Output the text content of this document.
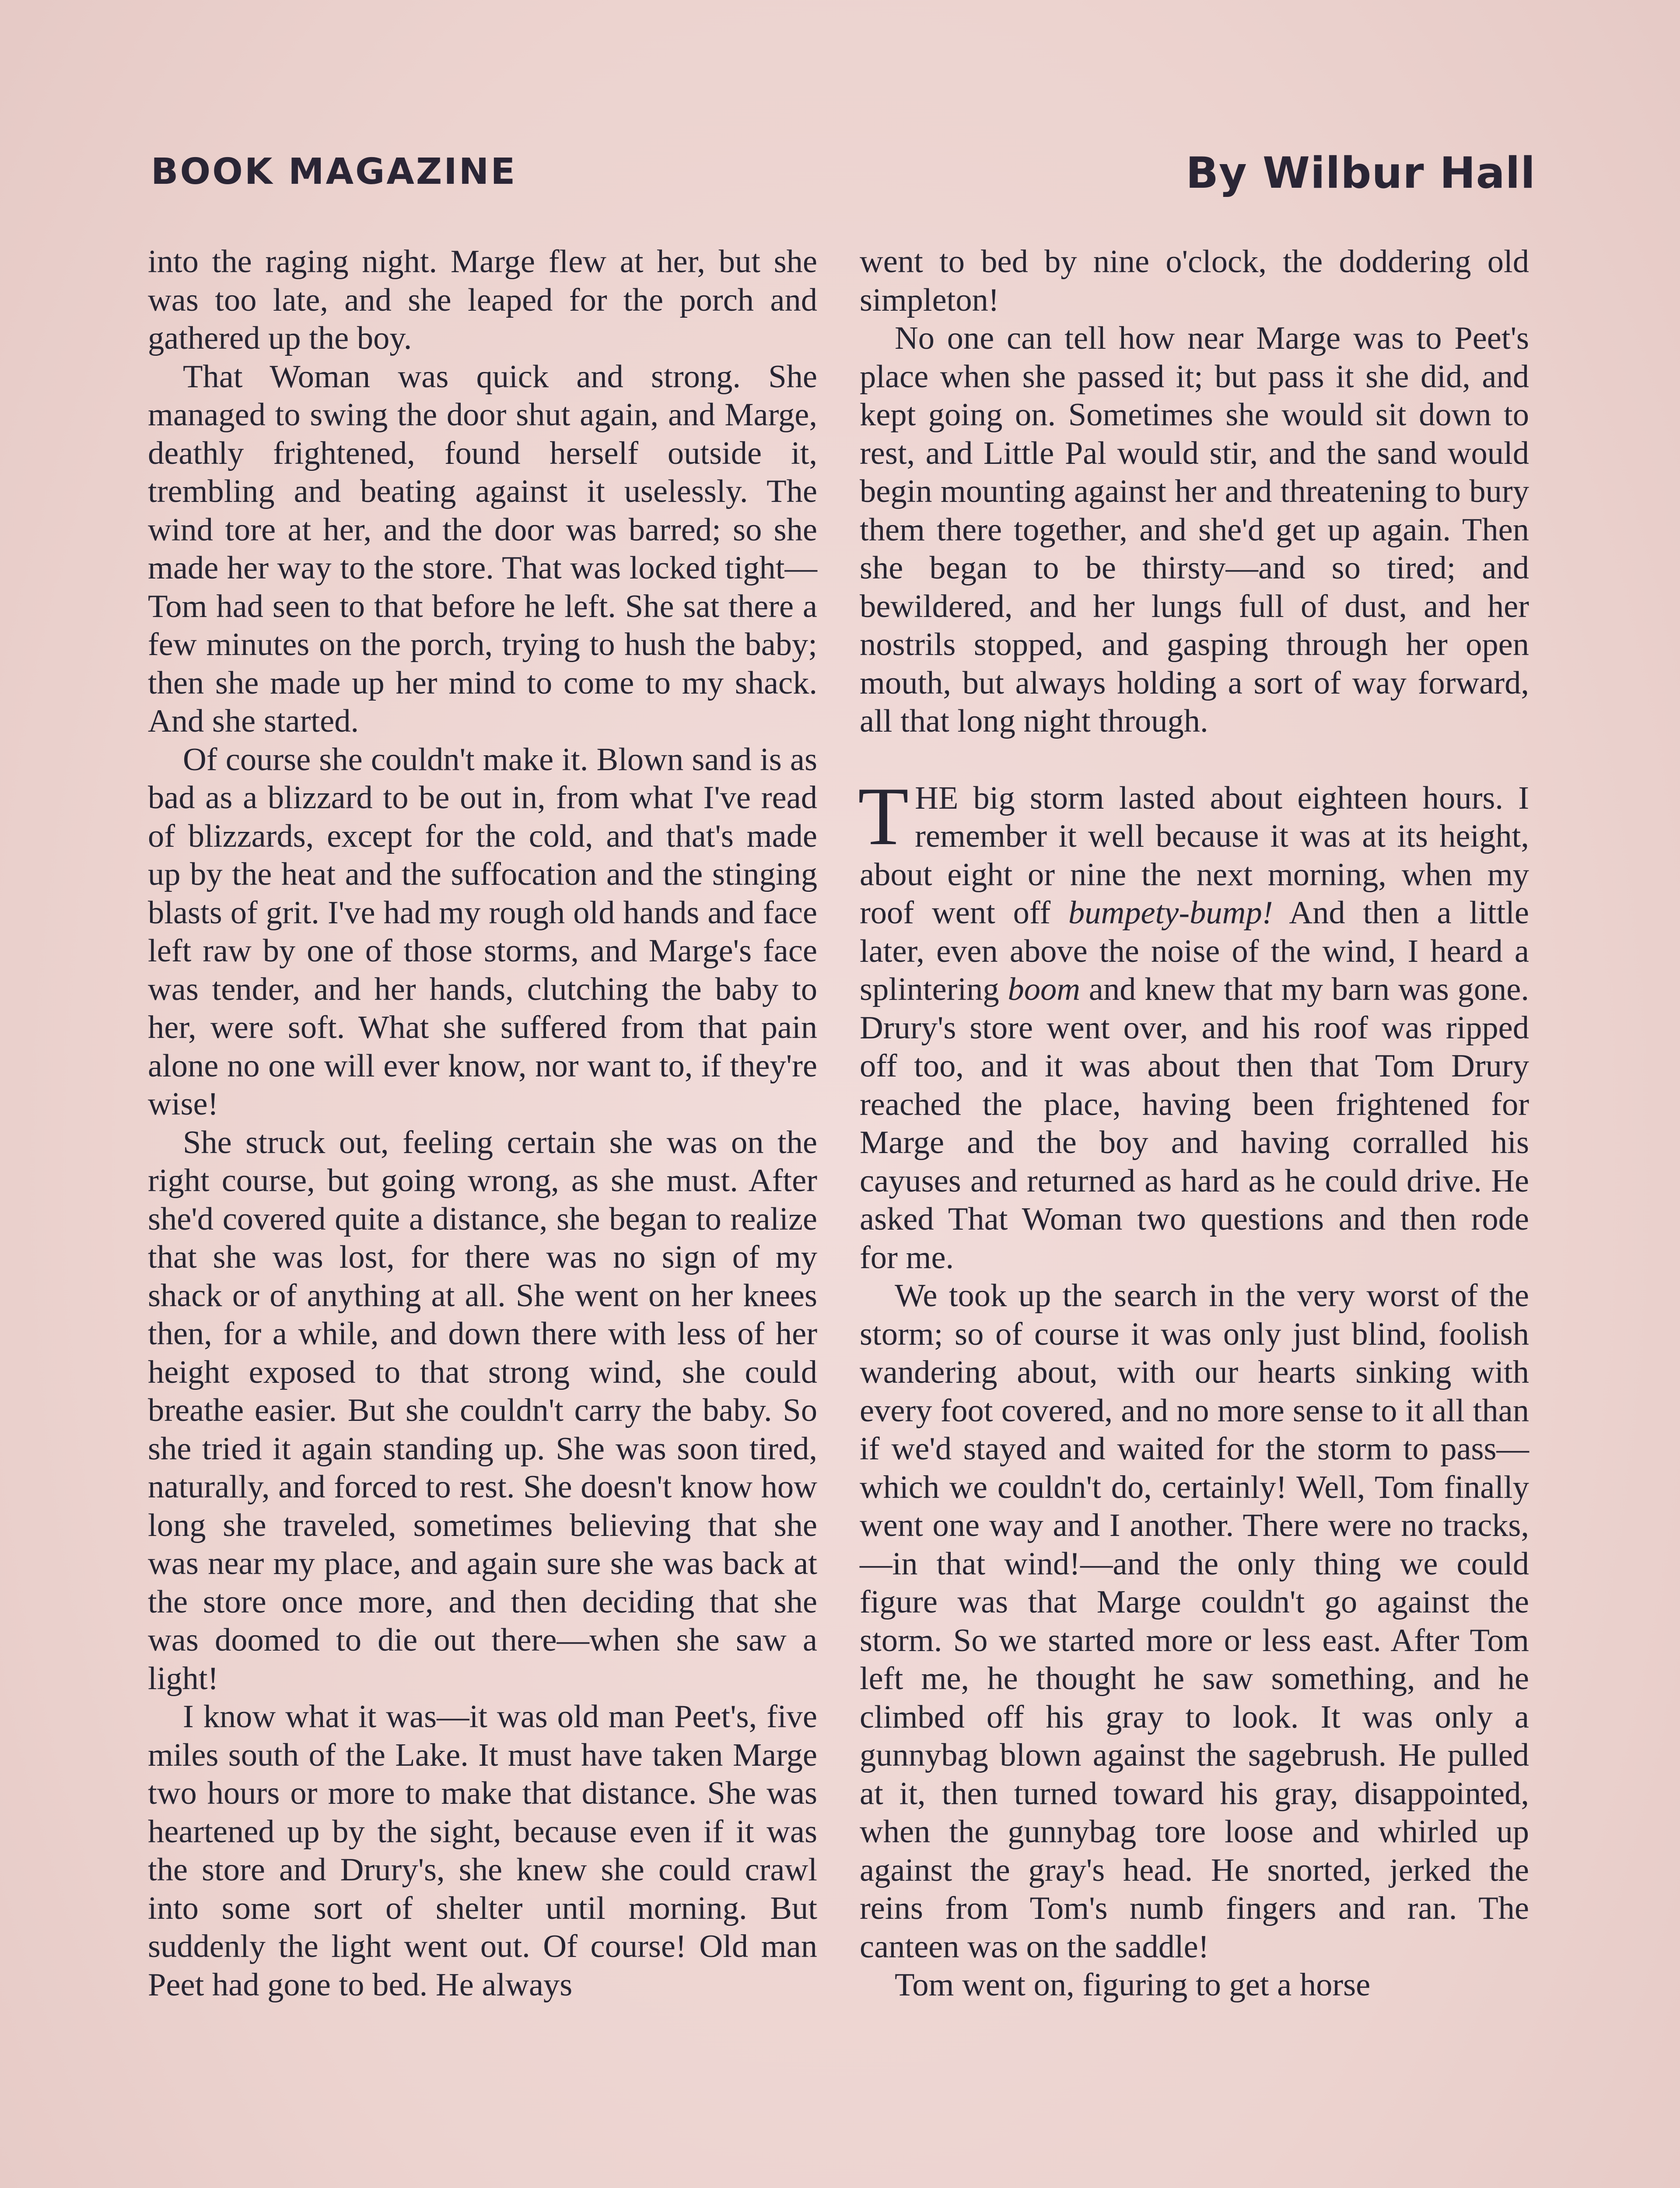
BOOK MAGAZINE	By Wilbur Hall

into the raging night. Marge flew at her, but she was too late, and she leaped for the porch and gathered up the boy.

That Woman was quick and strong. She managed to swing the door shut again, and Marge, deathly frightened, found herself outside it, trembling and beating against it uselessly. The wind tore at her, and the door was barred; so she made her way to the store. That was locked tight—Tom had seen to that before he left. She sat there a few minutes on the porch, trying to hush the baby; then she made up her mind to come to my shack. And she started.

Of course she couldn't make it. Blown sand is as bad as a blizzard to be out in, from what I've read of blizzards, except for the cold, and that's made up by the heat and the suffocation and the stinging blasts of grit. I've had my rough old hands and face left raw by one of those storms, and Marge's face was tender, and her hands, clutching the baby to her, were soft. What she suffered from that pain alone no one will ever know, nor want to, if they're wise!

She struck out, feeling certain she was on the right course, but going wrong, as she must. After she'd covered quite a distance, she began to realize that she was lost, for there was no sign of my shack or of anything at all. She went on her knees then, for a while, and down there with less of her height exposed to that strong wind, she could breathe easier. But she couldn't carry the baby. So she tried it again standing up. She was soon tired, naturally, and forced to rest. She doesn't know how long she traveled, sometimes believing that she was near my place, and again sure she was back at the store once more, and then deciding that she was doomed to die out there—when she saw a light!

I know what it was—it was old man Peet's, five miles south of the Lake. It must have taken Marge two hours or more to make that distance. She was heartened up by the sight, because even if it was the store and Drury's, she knew she could crawl into some sort of shelter until morning. But suddenly the light went out. Of course! Old man Peet had gone to bed. He always

went to bed by nine o'clock, the doddering old simpleton!

No one can tell how near Marge was to Peet's place when she passed it; but pass it she did, and kept going on. Sometimes she would sit down to rest, and Little Pal would stir, and the sand would begin mounting against her and threatening to bury them there together, and she'd get up again. Then she began to be thirsty—and so tired; and bewildered, and her lungs full of dust, and her nostrils stopped, and gasping through her open mouth, but always holding a sort of way forward, all that long night through.

THE big storm lasted about eighteen hours. I remember it well because it was at its height, about eight or nine the next morning, when my roof went off bumpety-bump! And then a little later, even above the noise of the wind, I heard a splintering boom and knew that my barn was gone. Drury's store went over, and his roof was ripped off too, and it was about then that Tom Drury reached the place, having been frightened for Marge and the boy and having corralled his cayuses and returned as hard as he could drive. He asked That Woman two questions and then rode for me.

We took up the search in the very worst of the storm; so of course it was only just blind, foolish wandering about, with our hearts sinking with every foot covered, and no more sense to it all than if we'd stayed and waited for the storm to pass—which we couldn't do, certainly! Well, Tom finally went one way and I another. There were no tracks,—in that wind!—and the only thing we could figure was that Marge couldn't go against the storm. So we started more or less east. After Tom left me, he thought he saw something, and he climbed off his gray to look. It was only a gunnybag blown against the sagebrush. He pulled at it, then turned toward his gray, disappointed, when the gunnybag tore loose and whirled up against the gray's head. He snorted, jerked the reins from Tom's numb fingers and ran. The canteen was on the saddle!

Tom went on, figuring to get a horse
